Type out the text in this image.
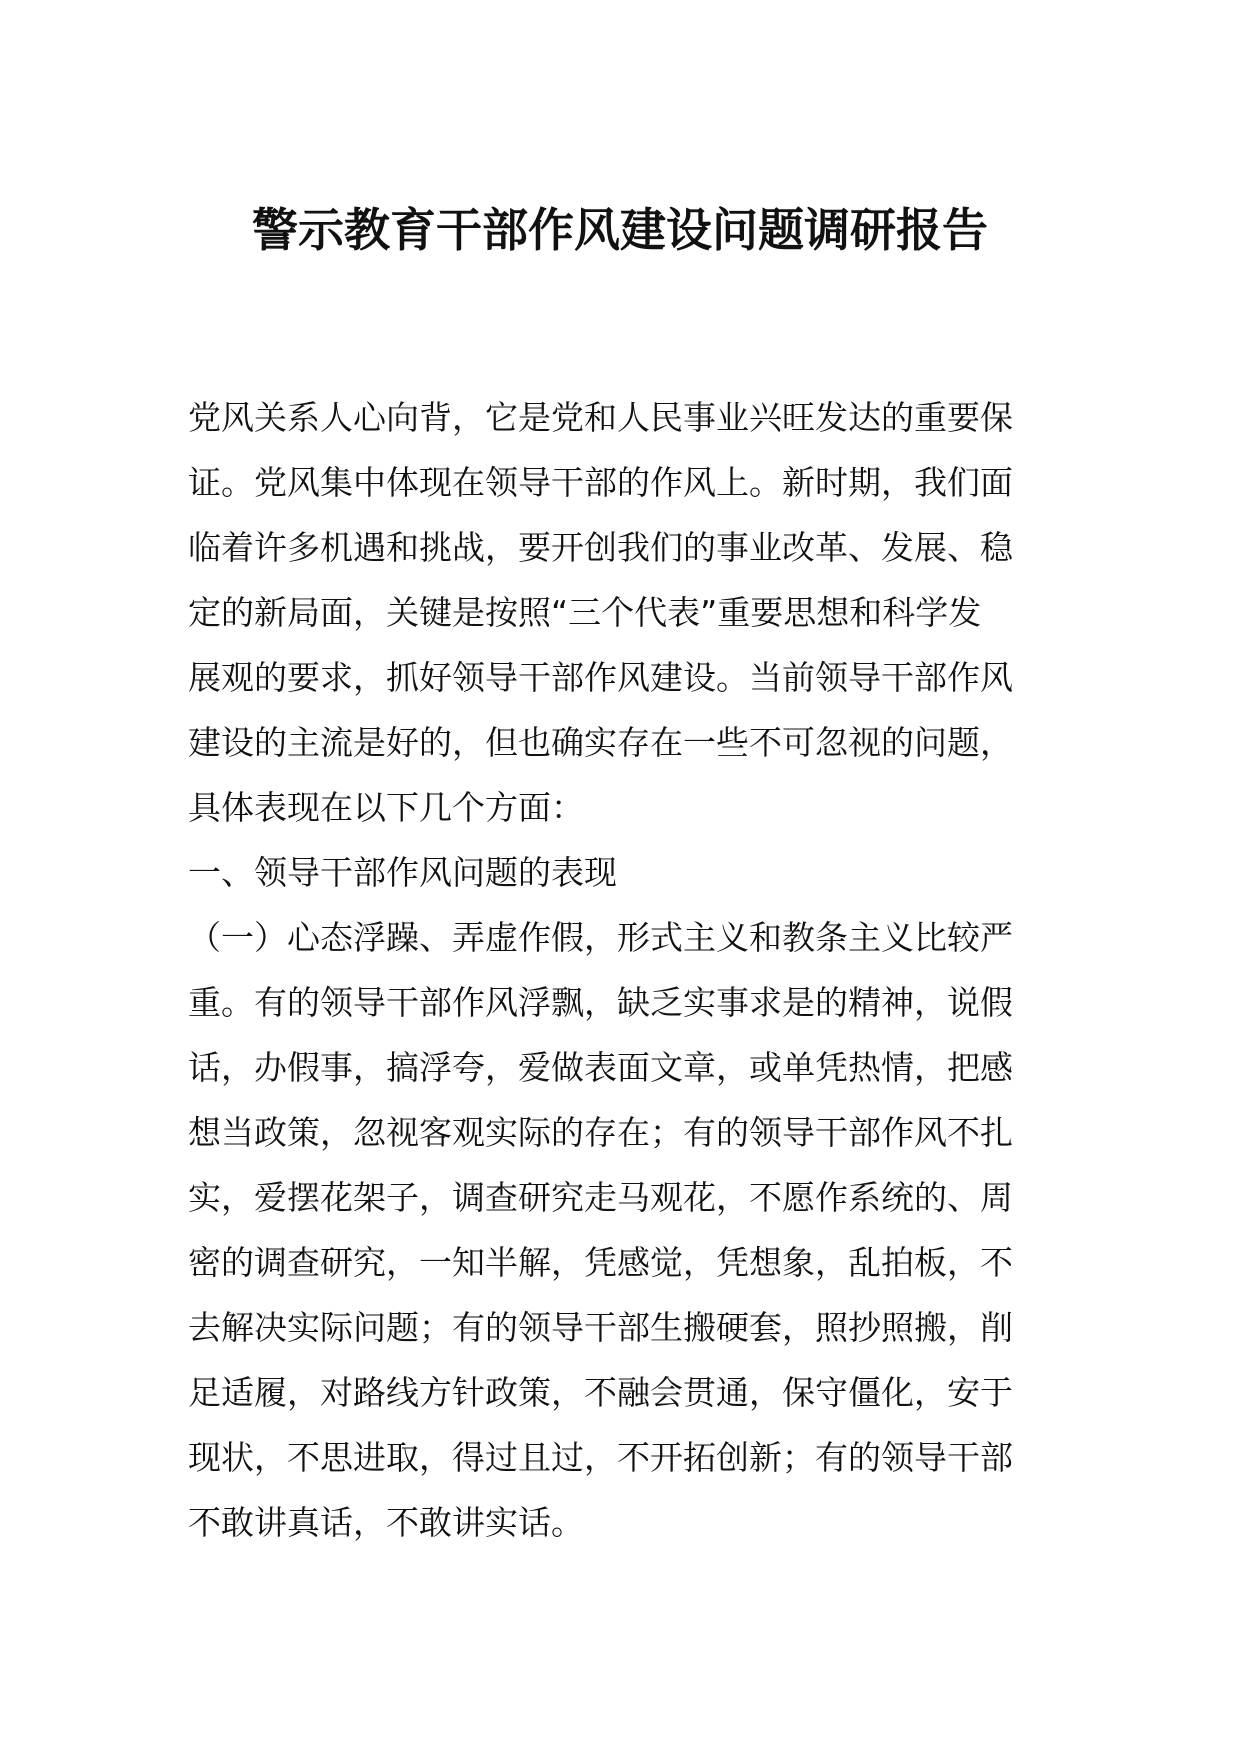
警示教育干部作风建设问题调研报告
党风关系人心向背，它是党和人民事业兴旺发达的重要保
证。党风集中体现在领导干部的作风上。新时期，我们面
临着许多机遇和挑战，要开创我们的事业改革、发展、稳
定的新局面，关键是按照“三个代表”重要思想和科学发
展观的要求，抓好领导干部作风建设。当前领导干部作风
建设的主流是好的，但也确实存在一些不可忽视的问题，
具体表现在以下几个方面：
一、领导干部作风问题的表现
（一）心态浮躁、弄虚作假，形式主义和教条主义比较严
重。有的领导干部作风浮飘，缺乏实事求是的精神，说假
话，办假事，搞浮夸，爱做表面文章，或单凭热情，把感
想当政策，忽视客观实际的存在；有的领导干部作风不扎
实，爱摆花架子，调查研究走马观花，不愿作系统的、周
密的调查研究，一知半解，凭感觉，凭想象，乱拍板，不
去解决实际问题；有的领导干部生搬硬套，照抄照搬，削
足适履，对路线方针政策，不融会贯通，保守僵化，安于
现状，不思进取，得过且过，不开拓创新；有的领导干部
不敢讲真话，不敢讲实话。
